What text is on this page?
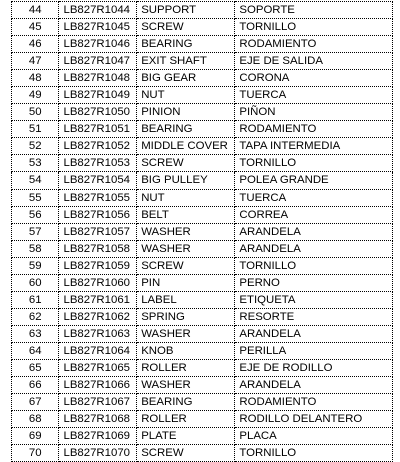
44	LB827R1044	SUPPORT	SOPORTE
45	LB827R1045	SCREW	TORNILLO
46	LB827R1046	BEARING	RODAMIENTO
47	LB827R1047	EXIT SHAFT	EJE DE SALIDA
48	LB827R1048	BIG GEAR	CORONA
49	LB827R1049	NUT	TUERCA
50	LB827R1050	PINION	PIÑON
51	LB827R1051	BEARING	RODAMIENTO
52	LB827R1052	MIDDLE COVER	TAPA INTERMEDIA
53	LB827R1053	SCREW	TORNILLO
54	LB827R1054	BIG PULLEY	POLEA GRANDE
55	LB827R1055	NUT	TUERCA
56	LB827R1056	BELT	CORREA
57	LB827R1057	WASHER	ARANDELA
58	LB827R1058	WASHER	ARANDELA
59	LB827R1059	SCREW	TORNILLO
60	LB827R1060	PIN	PERNO
61	LB827R1061	LABEL	ETIQUETA
62	LB827R1062	SPRING	RESORTE
63	LB827R1063	WASHER	ARANDELA
64	LB827R1064	KNOB	PERILLA
65	LB827R1065	ROLLER	EJE DE RODILLO
66	LB827R1066	WASHER	ARANDELA
67	LB827R1067	BEARING	RODAMIENTO
68	LB827R1068	ROLLER	RODILLO DELANTERO
69	LB827R1069	PLATE	PLACA
70	LB827R1070	SCREW	TORNILLO
